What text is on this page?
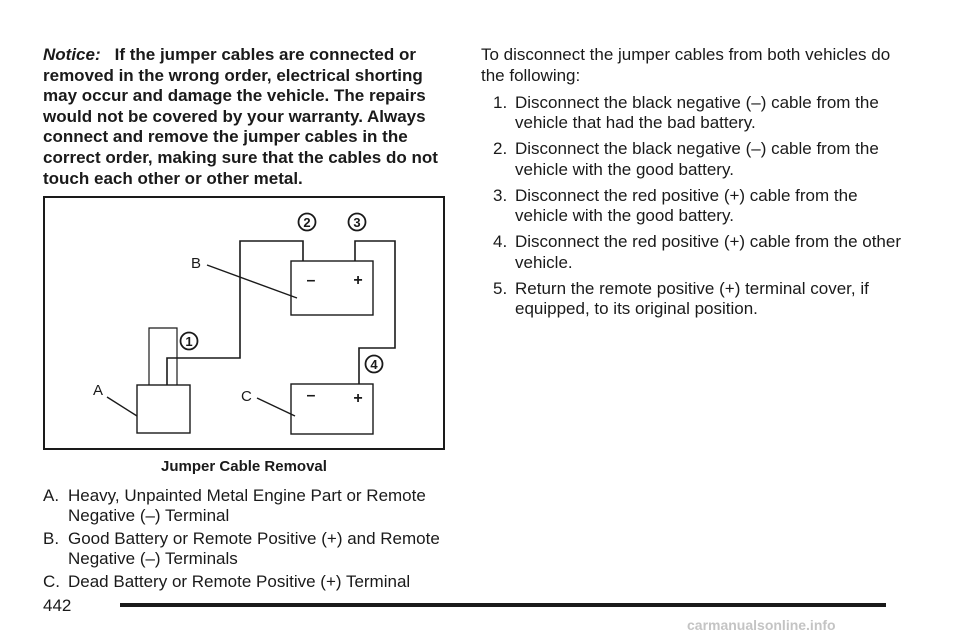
Notice: If the jumper cables are connected or removed in the wrong order, electrical shorting may occur and damage the vehicle. The repairs would not be covered by your warranty. Always connect and remove the jumper cables in the correct order, making sure that the cables do not touch each other or other metal.

1
2	3
4
– +
– +
A
B
C
Jumper Cable Removal
A. Heavy, Unpainted Metal Engine Part or Remote Negative (–) Terminal
B. Good Battery or Remote Positive (+) and Remote Negative (–) Terminals
C. Dead Battery or Remote Positive (+) Terminal

To disconnect the jumper cables from both vehicles do the following:

1. Disconnect the black negative (–) cable from the vehicle that had the bad battery.
2. Disconnect the black negative (–) cable from the vehicle with the good battery.
3. Disconnect the red positive (+) cable from the vehicle with the good battery.
4. Disconnect the red positive (+) cable from the other vehicle.
5. Return the remote positive (+) terminal cover, if equipped, to its original position.
442
carmanualsonline.info
